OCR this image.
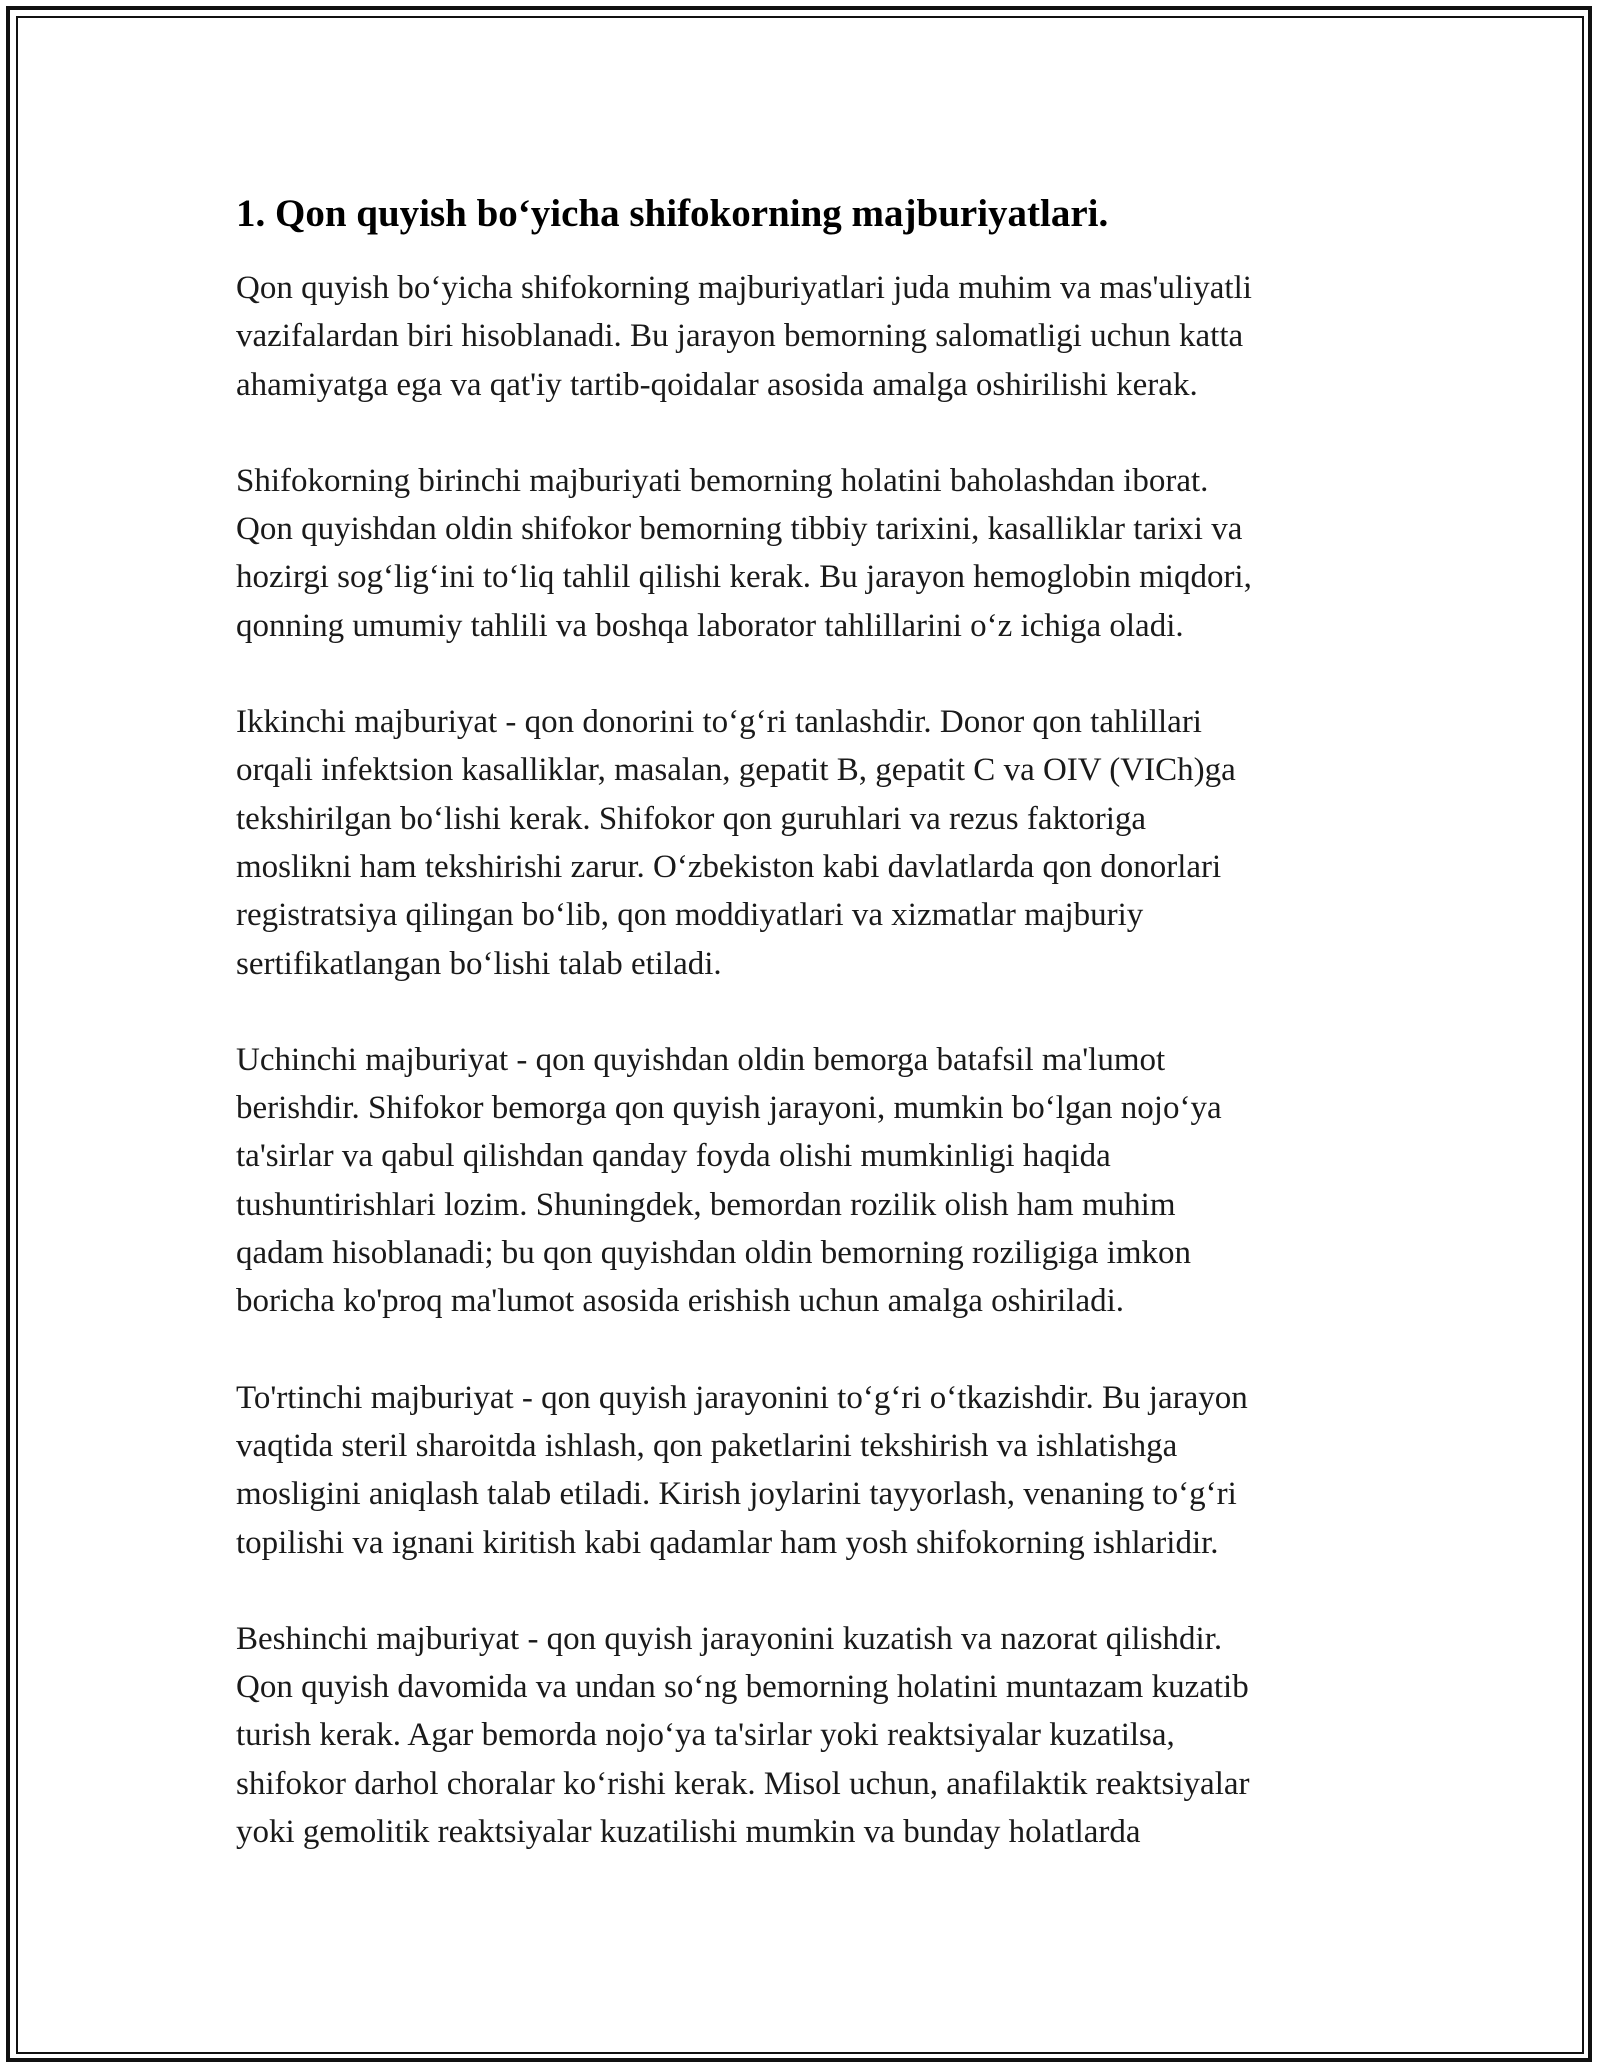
1. Qon quyish bo‘yicha shifokorning majburiyatlari.

Qon quyish bo‘yicha shifokorning majburiyatlari juda muhim va mas'uliyatli
vazifalardan biri hisoblanadi. Bu jarayon bemorning salomatligi uchun katta
ahamiyatga ega va qat'iy tartib-qoidalar asosida amalga oshirilishi kerak.

Shifokorning birinchi majburiyati bemorning holatini baholashdan iborat.
Qon quyishdan oldin shifokor bemorning tibbiy tarixini, kasalliklar tarixi va
hozirgi sog‘lig‘ini to‘liq tahlil qilishi kerak. Bu jarayon hemoglobin miqdori,
qonning umumiy tahlili va boshqa laborator tahlillarini o‘z ichiga oladi.

Ikkinchi majburiyat - qon donorini to‘g‘ri tanlashdir. Donor qon tahlillari
orqali infektsion kasalliklar, masalan, gepatit B, gepatit C va OIV (VICh)ga
tekshirilgan bo‘lishi kerak. Shifokor qon guruhlari va rezus faktoriga
moslikni ham tekshirishi zarur. O‘zbekiston kabi davlatlarda qon donorlari
registratsiya qilingan bo‘lib, qon moddiyatlari va xizmatlar majburiy
sertifikatlangan bo‘lishi talab etiladi.

Uchinchi majburiyat - qon quyishdan oldin bemorga batafsil ma'lumot
berishdir. Shifokor bemorga qon quyish jarayoni, mumkin bo‘lgan nojo‘ya
ta'sirlar va qabul qilishdan qanday foyda olishi mumkinligi haqida
tushuntirishlari lozim. Shuningdek, bemordan rozilik olish ham muhim
qadam hisoblanadi; bu qon quyishdan oldin bemorning roziligiga imkon
boricha ko'proq ma'lumot asosida erishish uchun amalga oshiriladi.

To'rtinchi majburiyat - qon quyish jarayonini to‘g‘ri o‘tkazishdir. Bu jarayon
vaqtida steril sharoitda ishlash, qon paketlarini tekshirish va ishlatishga
mosligini aniqlash talab etiladi. Kirish joylarini tayyorlash, venaning to‘g‘ri
topilishi va ignani kiritish kabi qadamlar ham yosh shifokorning ishlaridir.

Beshinchi majburiyat - qon quyish jarayonini kuzatish va nazorat qilishdir.
Qon quyish davomida va undan so‘ng bemorning holatini muntazam kuzatib
turish kerak. Agar bemorda nojo‘ya ta'sirlar yoki reaktsiyalar kuzatilsa,
shifokor darhol choralar ko‘rishi kerak. Misol uchun, anafilaktik reaktsiyalar
yoki gemolitik reaktsiyalar kuzatilishi mumkin va bunday holatlarda
